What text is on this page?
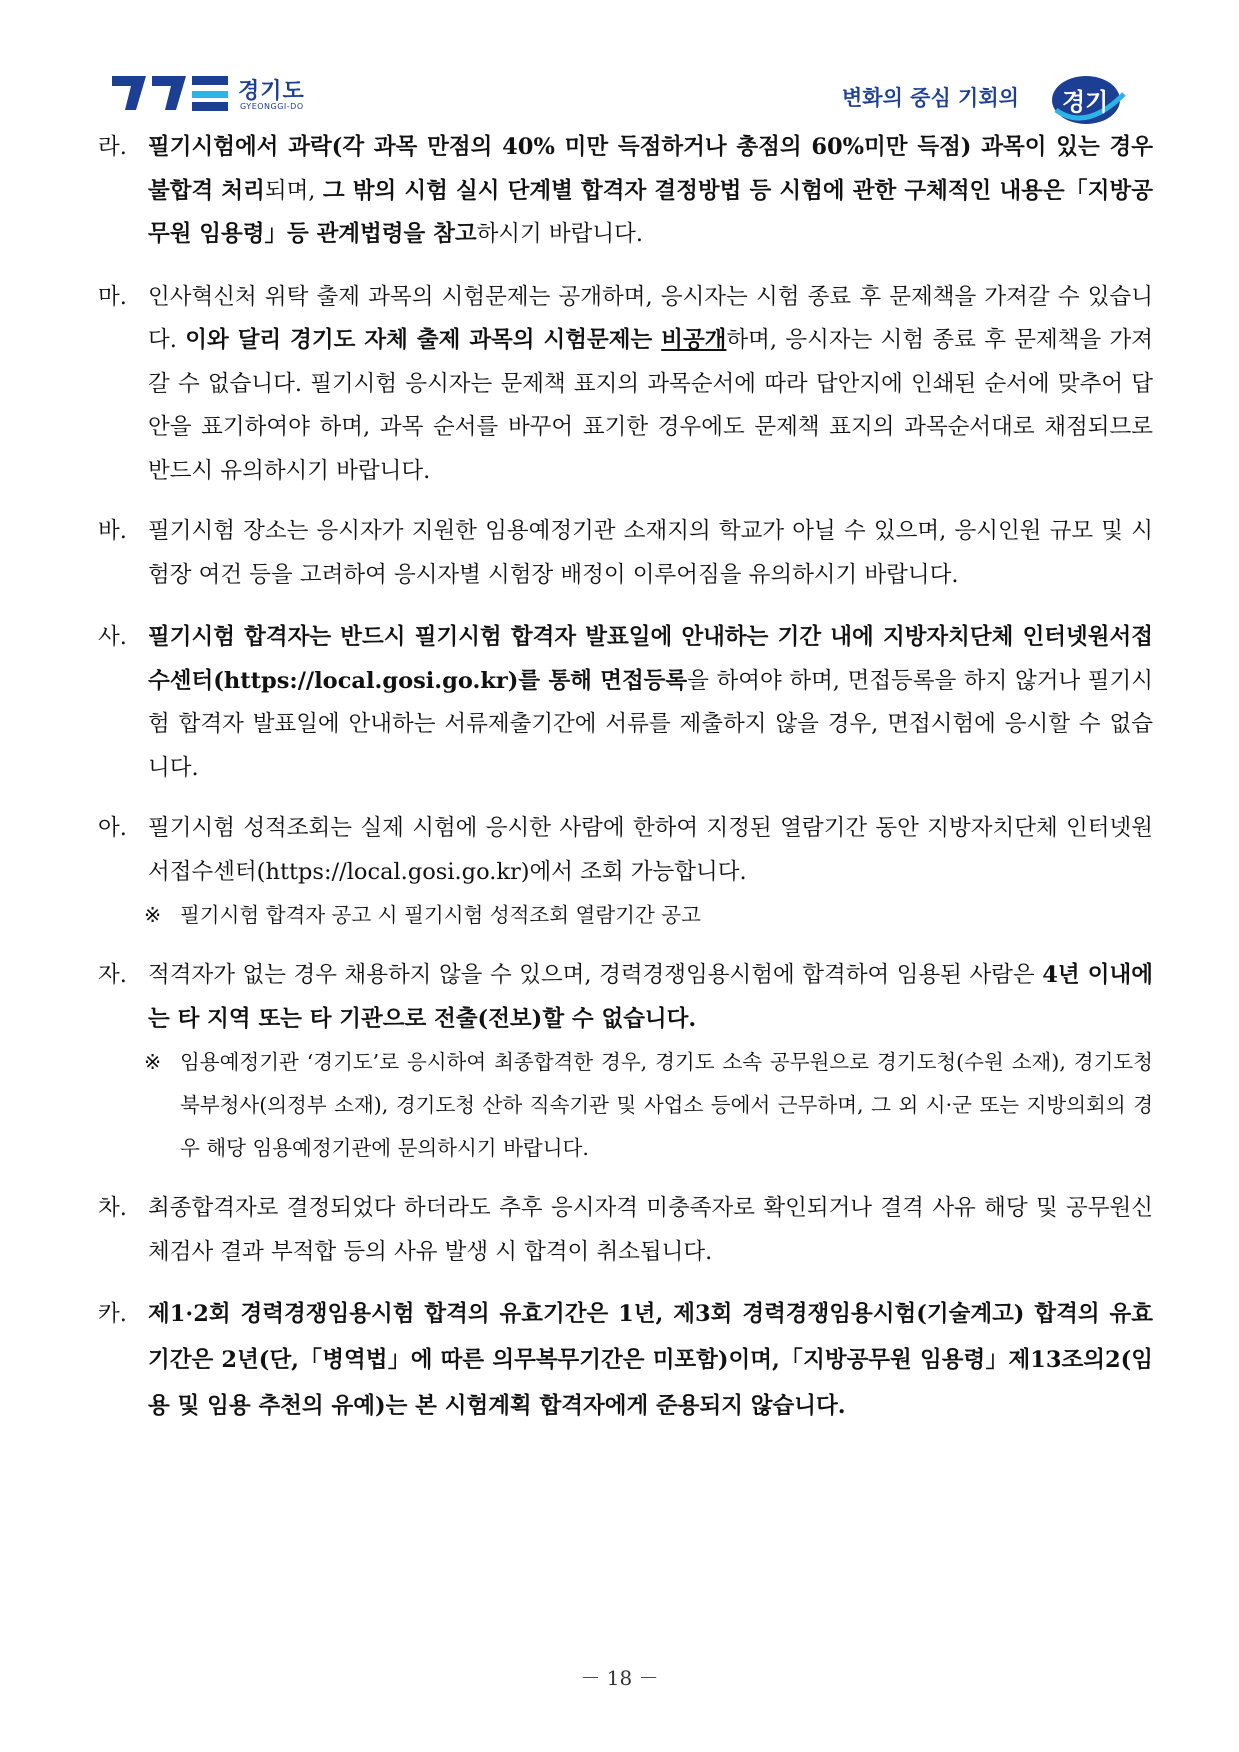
경기도
GYEONGGI-DO	변화의 중심 기회의 경기
라. 필기시험에서 과락(각 과목 만점의 40% 미만 득점하거나 총점의 60%미만 득점) 과목이 있는 경우 불합격 처리되며, 그 밖의 시험 실시 단계별 합격자 결정방법 등 시험에 관한 구체적인 내용은「지방공무원 임용령」등 관계법령을 참고하시기 바랍니다.
마. 인사혁신처 위탁 출제 과목의 시험문제는 공개하며, 응시자는 시험 종료 후 문제책을 가져갈 수 있습니다. 이와 달리 경기도 자체 출제 과목의 시험문제는 비공개하며, 응시자는 시험 종료 후 문제책을 가져갈 수 없습니다. 필기시험 응시자는 문제책 표지의 과목순서에 따라 답안지에 인쇄된 순서에 맞추어 답안을 표기하여야 하며, 과목 순서를 바꾸어 표기한 경우에도 문제책 표지의 과목순서대로 채점되므로 반드시 유의하시기 바랍니다.
바. 필기시험 장소는 응시자가 지원한 임용예정기관 소재지의 학교가 아닐 수 있으며, 응시인원 규모 및 시험장 여건 등을 고려하여 응시자별 시험장 배정이 이루어짐을 유의하시기 바랍니다.
사. 필기시험 합격자는 반드시 필기시험 합격자 발표일에 안내하는 기간 내에 지방자치단체 인터넷원서접수센터(https://local.gosi.go.kr)를 통해 면접등록을 하여야 하며, 면접등록을 하지 않거나 필기시험 합격자 발표일에 안내하는 서류제출기간에 서류를 제출하지 않을 경우, 면접시험에 응시할 수 없습니다.
아. 필기시험 성적조회는 실제 시험에 응시한 사람에 한하여 지정된 열람기간 동안 지방자치단체 인터넷원서접수센터(https://local.gosi.go.kr)에서 조회 가능합니다.
※ 필기시험 합격자 공고 시 필기시험 성적조회 열람기간 공고
자. 적격자가 없는 경우 채용하지 않을 수 있으며, 경력경쟁임용시험에 합격하여 임용된 사람은 4년 이내에는 타 지역 또는 타 기관으로 전출(전보)할 수 없습니다.
※ 임용예정기관 ‘경기도’로 응시하여 최종합격한 경우, 경기도 소속 공무원으로 경기도청(수원 소재), 경기도청 북부청사(의정부 소재), 경기도청 산하 직속기관 및 사업소 등에서 근무하며, 그 외 시·군 또는 지방의회의 경우 해당 임용예정기관에 문의하시기 바랍니다.
차. 최종합격자로 결정되었다 하더라도 추후 응시자격 미충족자로 확인되거나 결격 사유 해당 및 공무원신체검사 결과 부적합 등의 사유 발생 시 합격이 취소됩니다.
카. 제1·2회 경력경쟁임용시험 합격의 유효기간은 1년, 제3회 경력경쟁임용시험(기술계고) 합격의 유효기간은 2년(단,「병역법」에 따른 의무복무기간은 미포함)이며,「지방공무원 임용령」제13조의2(임용 및 임용 추천의 유예)는 본 시험계획 합격자에게 준용되지 않습니다.
－ 18 －
